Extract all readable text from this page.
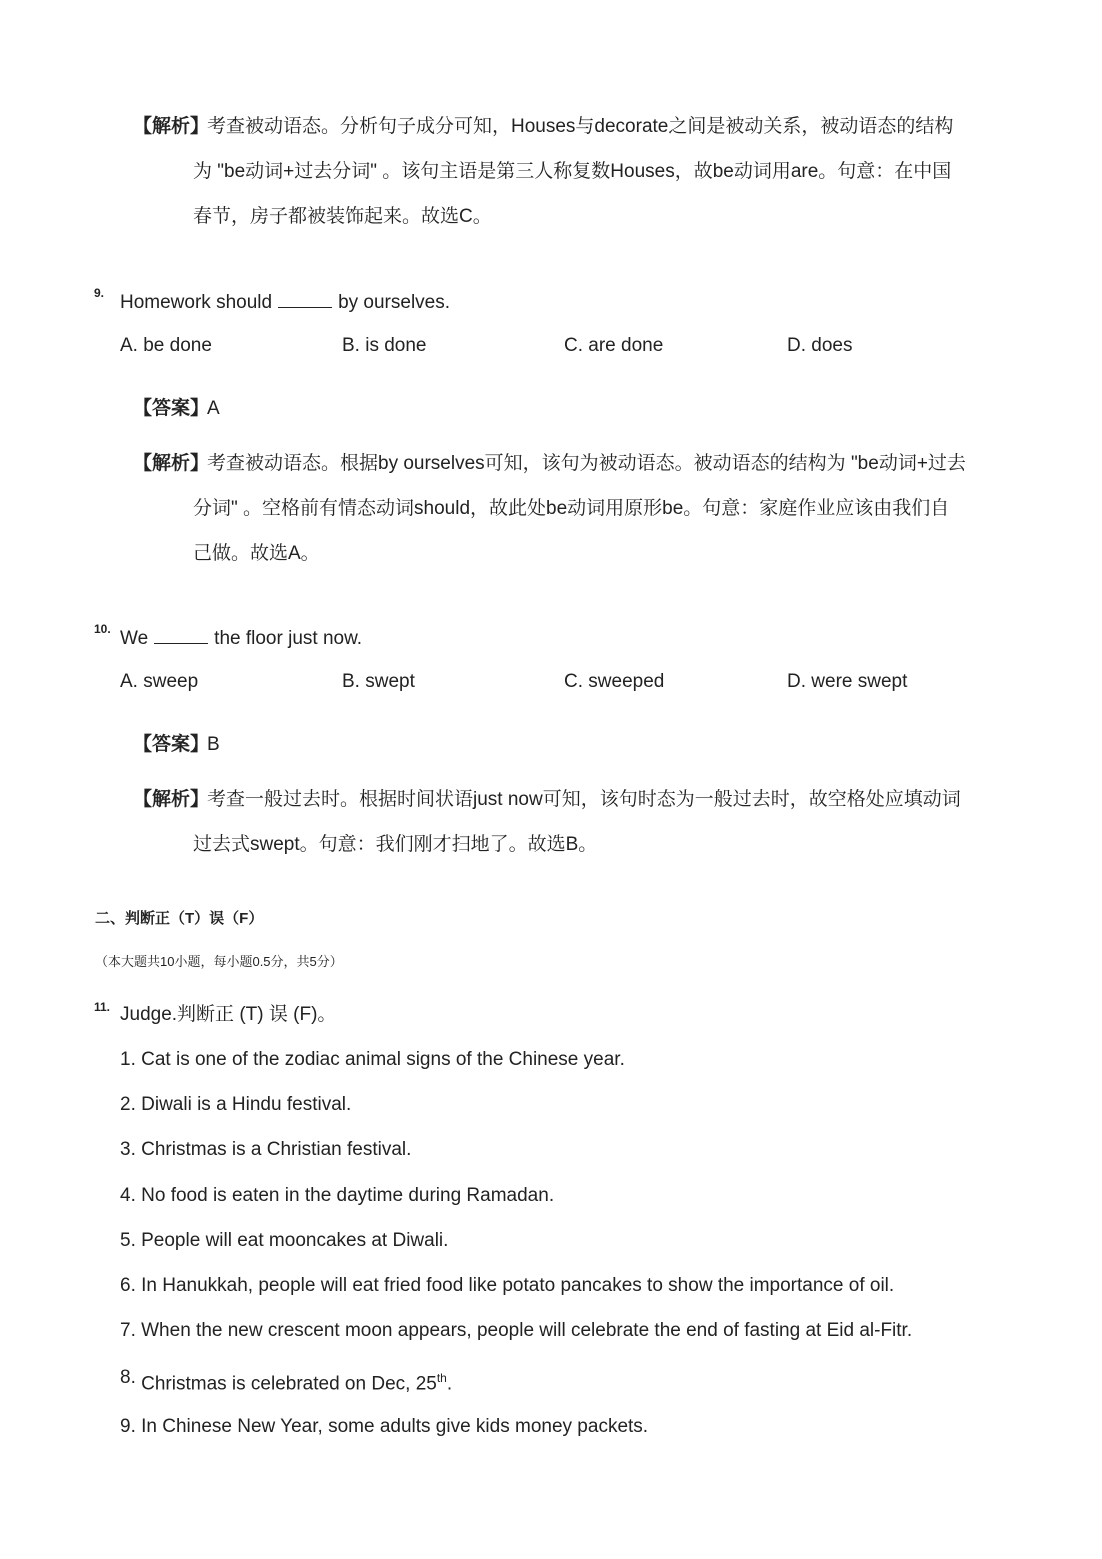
【解析】
考查被动语态。分析句子成分可知，Houses与decorate之间是被动关系，被动语态的结构
为 "be动词+过去分词" 。该句主语是第三人称复数Houses，故be动词用are。句意：在中国
春节，房子都被装饰起来。故选C。
9. Homework should	by ourselves.
A. be done	B. is done	C. are done	D. does
【答案】
A
【解析】
考查被动语态。根据by ourselves可知，该句为被动语态。被动语态的结构为 "be动词+过去
分词" 。空格前有情态动词should，故此处be动词用原形be。句意：家庭作业应该由我们自
己做。故选A。
10. We	the floor just now.
A. sweep	B. swept	C. sweeped	D. were swept
【答案】
B
【解析】
考查一般过去时。根据时间状语just now可知，该句时态为一般过去时，故空格处应填动词
过去式swept。句意：我们刚才扫地了。故选B。
二、判断正（T）误（F）
（本大题共10小题，每小题0.5分，共5分）
11. Judge.判断正 (T) 误 (F)。
1. Cat is one of the zodiac animal signs of the Chinese year.
2. Diwali is a Hindu festival.
3. Christmas is a Christian festival.
4. No food is eaten in the daytime during Ramadan.
5. People will eat mooncakes at Diwali.
6. In Hanukkah, people will eat fried food like potato pancakes to show the importance of oil.
7. When the new crescent moon appears, people will celebrate the end of fasting at Eid al-Fitr.
8. Christmas is celebrated on Dec, 25th.
9. In Chinese New Year, some adults give kids money packets.
